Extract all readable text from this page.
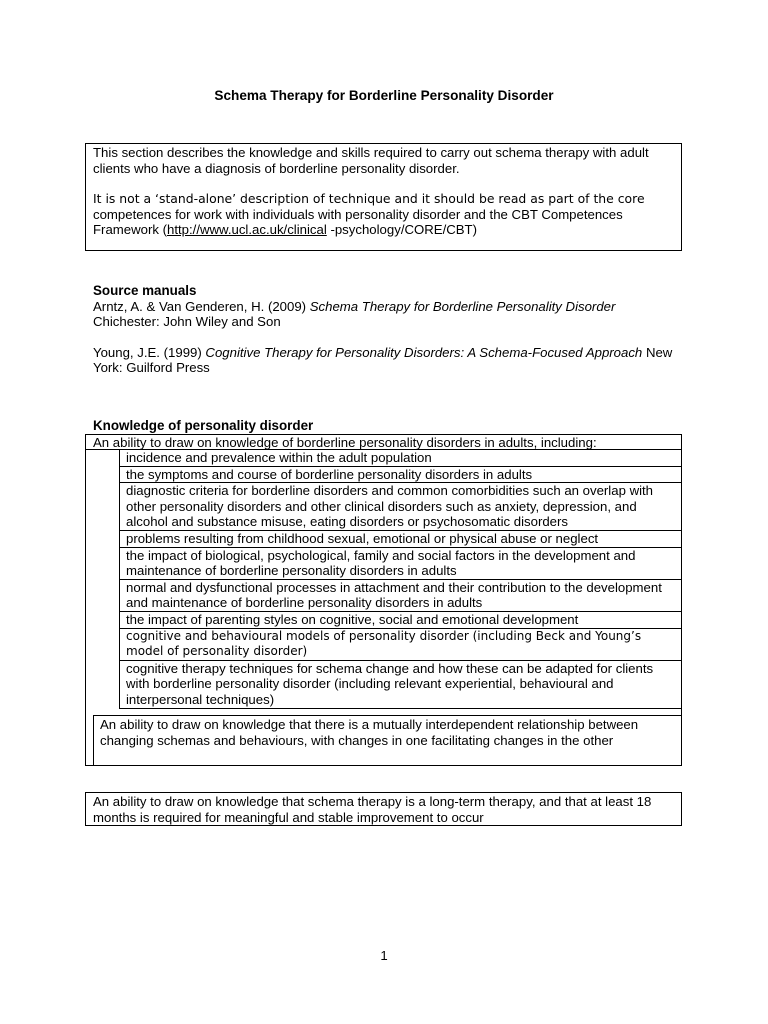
Schema Therapy for Borderline Personality Disorder

This section describes the knowledge and skills required to carry out schema therapy with adult clients who have a diagnosis of borderline personality disorder.

It is not a ‘stand-alone’ description of technique and it should be read as part of the core
competences for work with individuals with personality disorder and the CBT Competences Framework (http://www.ucl.ac.uk/clinical -psychology/CORE/CBT)

Source manuals

Arntz, A. & Van Genderen, H. (2009) Schema Therapy for Borderline Personality Disorder
Chichester: John Wiley and Son

Young, J.E. (1999) Cognitive Therapy for Personality Disorders: A Schema-Focused Approach New York: Guilford Press

Knowledge of personality disorder
An ability to draw on knowledge of borderline personality disorders in adults, including:
incidence and prevalence within the adult population
the symptoms and course of borderline personality disorders in adults
diagnostic criteria for borderline disorders and common comorbidities such an overlap with other personality disorders and other clinical disorders such as anxiety, depression, and alcohol and substance misuse, eating disorders or psychosomatic disorders
problems resulting from childhood sexual, emotional or physical abuse or neglect
the impact of biological, psychological, family and social factors in the development and maintenance of borderline personality disorders in adults
normal and dysfunctional processes in attachment and their contribution to the development and maintenance of borderline personality disorders in adults
the impact of parenting styles on cognitive, social and emotional development
cognitive and behavioural models of personality disorder (including Beck and Young’s model of personality disorder)
cognitive therapy techniques for schema change and how these can be adapted for clients with borderline personality disorder (including relevant experiential, behavioural and interpersonal techniques)
An ability to draw on knowledge that there is a mutually interdependent relationship between changing schemas and behaviours, with changes in one facilitating changes in the other
An ability to draw on knowledge that schema therapy is a long-term therapy, and that at least 18 months is required for meaningful and stable improvement to occur
1
